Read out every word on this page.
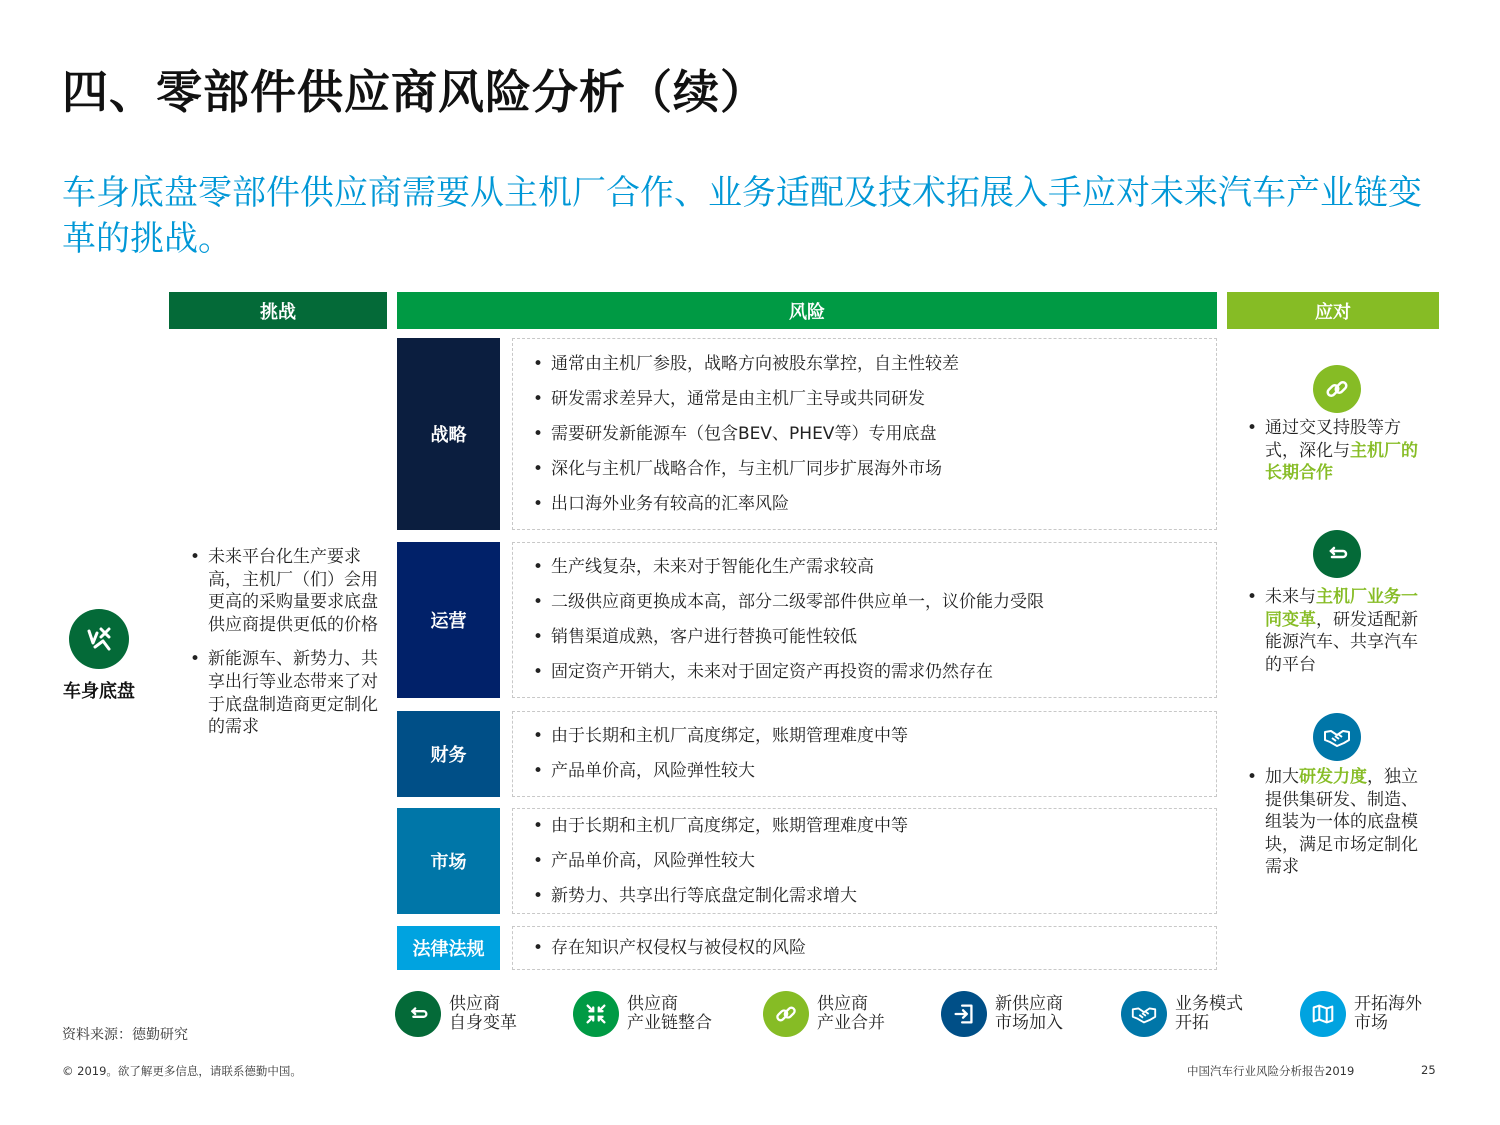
四、零部件供应商风险分析（续）
车身底盘零部件供应商需要从主机厂合作、业务适配及技术拓展入手应对未来汽车产业链变革的挑战。
挑战	风险	应对
车身底盘
• 未来平台化生产要求高，主机厂（们）会用更高的采购量要求底盘供应商提供更低的价格
• 新能源车、新势力、共享出行等业态带来了对于底盘制造商更定制化的需求
战略
• 通常由主机厂参股，战略方向被股东掌控，自主性较差
• 研发需求差异大，通常是由主机厂主导或共同研发
• 需要研发新能源车（包含BEV、PHEV等）专用底盘
• 深化与主机厂战略合作，与主机厂同步扩展海外市场
• 出口海外业务有较高的汇率风险
运营
• 生产线复杂，未来对于智能化生产需求较高
• 二级供应商更换成本高，部分二级零部件供应单一，议价能力受限
• 销售渠道成熟，客户进行替换可能性较低
• 固定资产开销大，未来对于固定资产再投资的需求仍然存在
财务
• 由于长期和主机厂高度绑定，账期管理难度中等
• 产品单价高，风险弹性较大
市场
• 由于长期和主机厂高度绑定，账期管理难度中等
• 产品单价高，风险弹性较大
• 新势力、共享出行等底盘定制化需求增大
法律法规
•	存在知识产权侵权与被侵权的风险
• 通过交叉持股等方式，深化与主机厂的长期合作
• 未来与主机厂业务一同变革，研发适配新能源汽车、共享汽车的平台
• 加大研发力度，独立提供集研发、制造、组装为一体的底盘模块，满足市场定制化需求
供应商
自身变革
供应商
产业链整合
供应商
产业合并
新供应商
市场加入
业务模式
开拓
开拓海外
市场
资料来源：德勤研究
© 2019。欲了解更多信息，请联系德勤中国。	中国汽车行业风险分析报告2019	25
